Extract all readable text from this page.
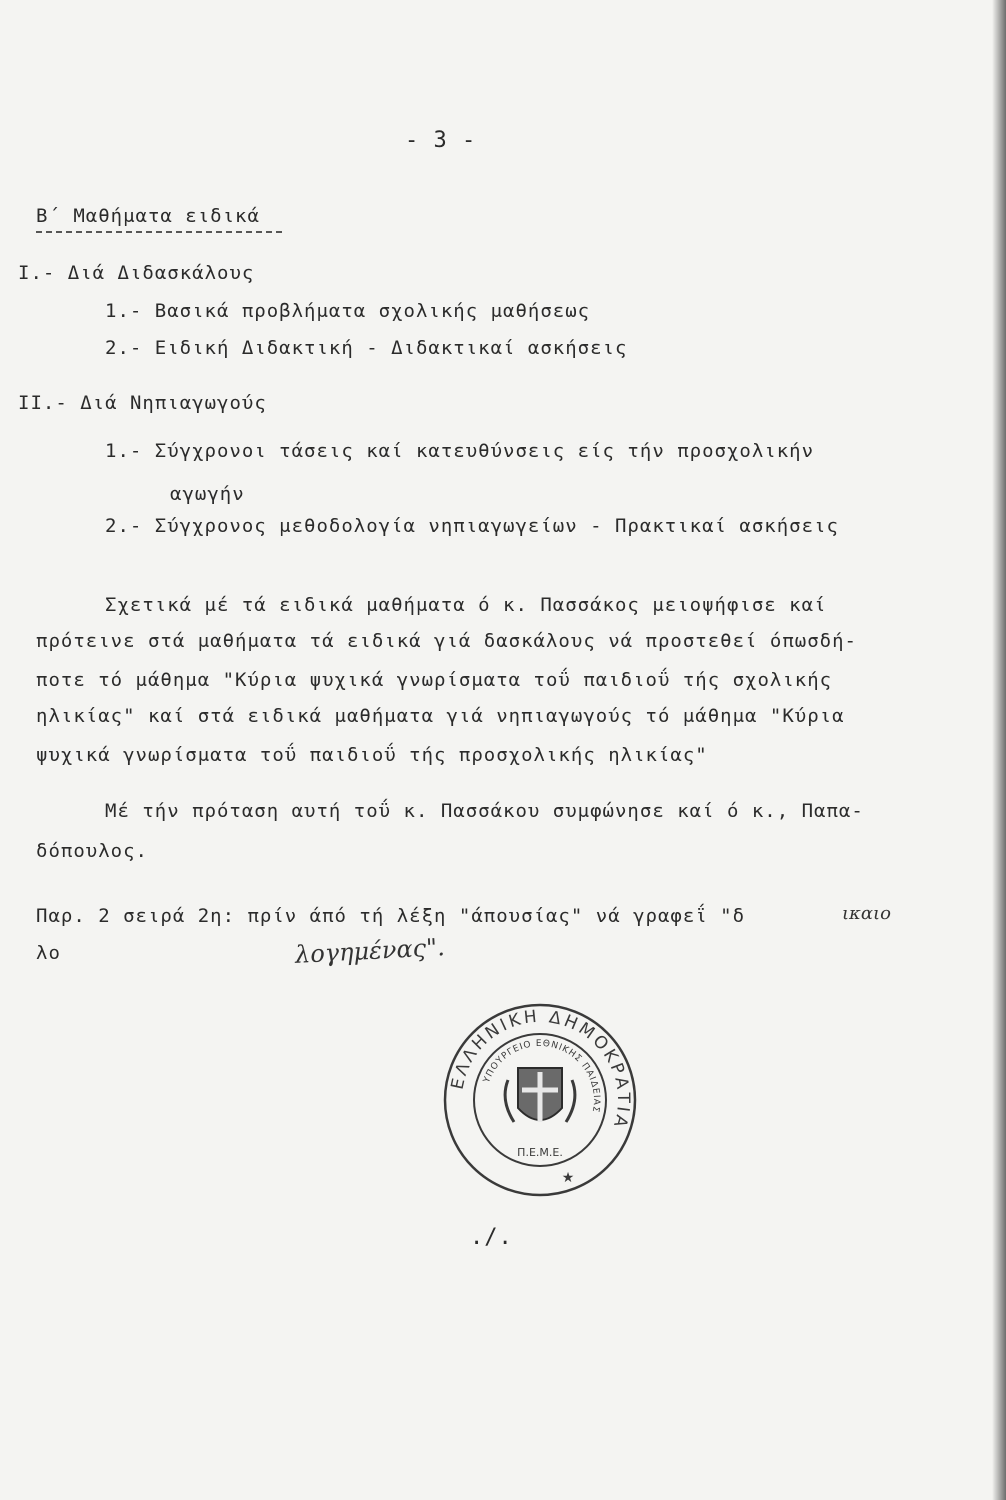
- 3 -
Β΄ Μαθήματα ειδικά
Ι.- Διά Διδασκάλους
1.- Βασικά προβλήματα σχολικής μαθήσεως
2.- Ειδική Διδακτική - Διδακτικαί ασκήσεις
ΙΙ.- Διά Νηπιαγωγούς
1.- Σύγχρονοι τάσεις καί κατευθύνσεις είς τήν προσχολικήν
αγωγήν
2.- Σύγχρονος μεθοδολογία νηπιαγωγείων - Πρακτικαί ασκήσεις
Σχετικά μέ τά ειδικά μαθήματα ό κ. Πασσάκος μειοψήφισε καί
πρότεινε στά μαθήματα τά ειδικά γιά δασκάλους νά προστεθεί όπωσδή-
ποτε τό μάθημα "Κύρια ψυχικά γνωρίσματα τοΰ παιδιοΰ τής σχολικής
ηλικίας" καί στά ειδικά μαθήματα γιά νηπιαγωγούς τό μάθημα "Κύρια
ψυχικά γνωρίσματα τοΰ παιδιοΰ τής προσχολικής ηλικίας"
Μέ τήν πρόταση αυτή τοΰ κ. Πασσάκου συμφώνησε καί ό κ., Παπα-
δόπουλος.
Παρ. 2 σειρά 2η: πρίν άπό τή λέξη "άπουσίας" νά γραφεΐ "δ	ικαιο
λο	λογημένας".
ΕΛΛΗΝΙΚΗ ΔΗΜΟΚΡΑΤΙΑ
ΥΠΟΥΡΓΕΙΟ ΕΘΝΙΚΗΣ ΠΑΙΔΕΙΑΣ
Π.Ε.Μ.Ε.
★
./.
